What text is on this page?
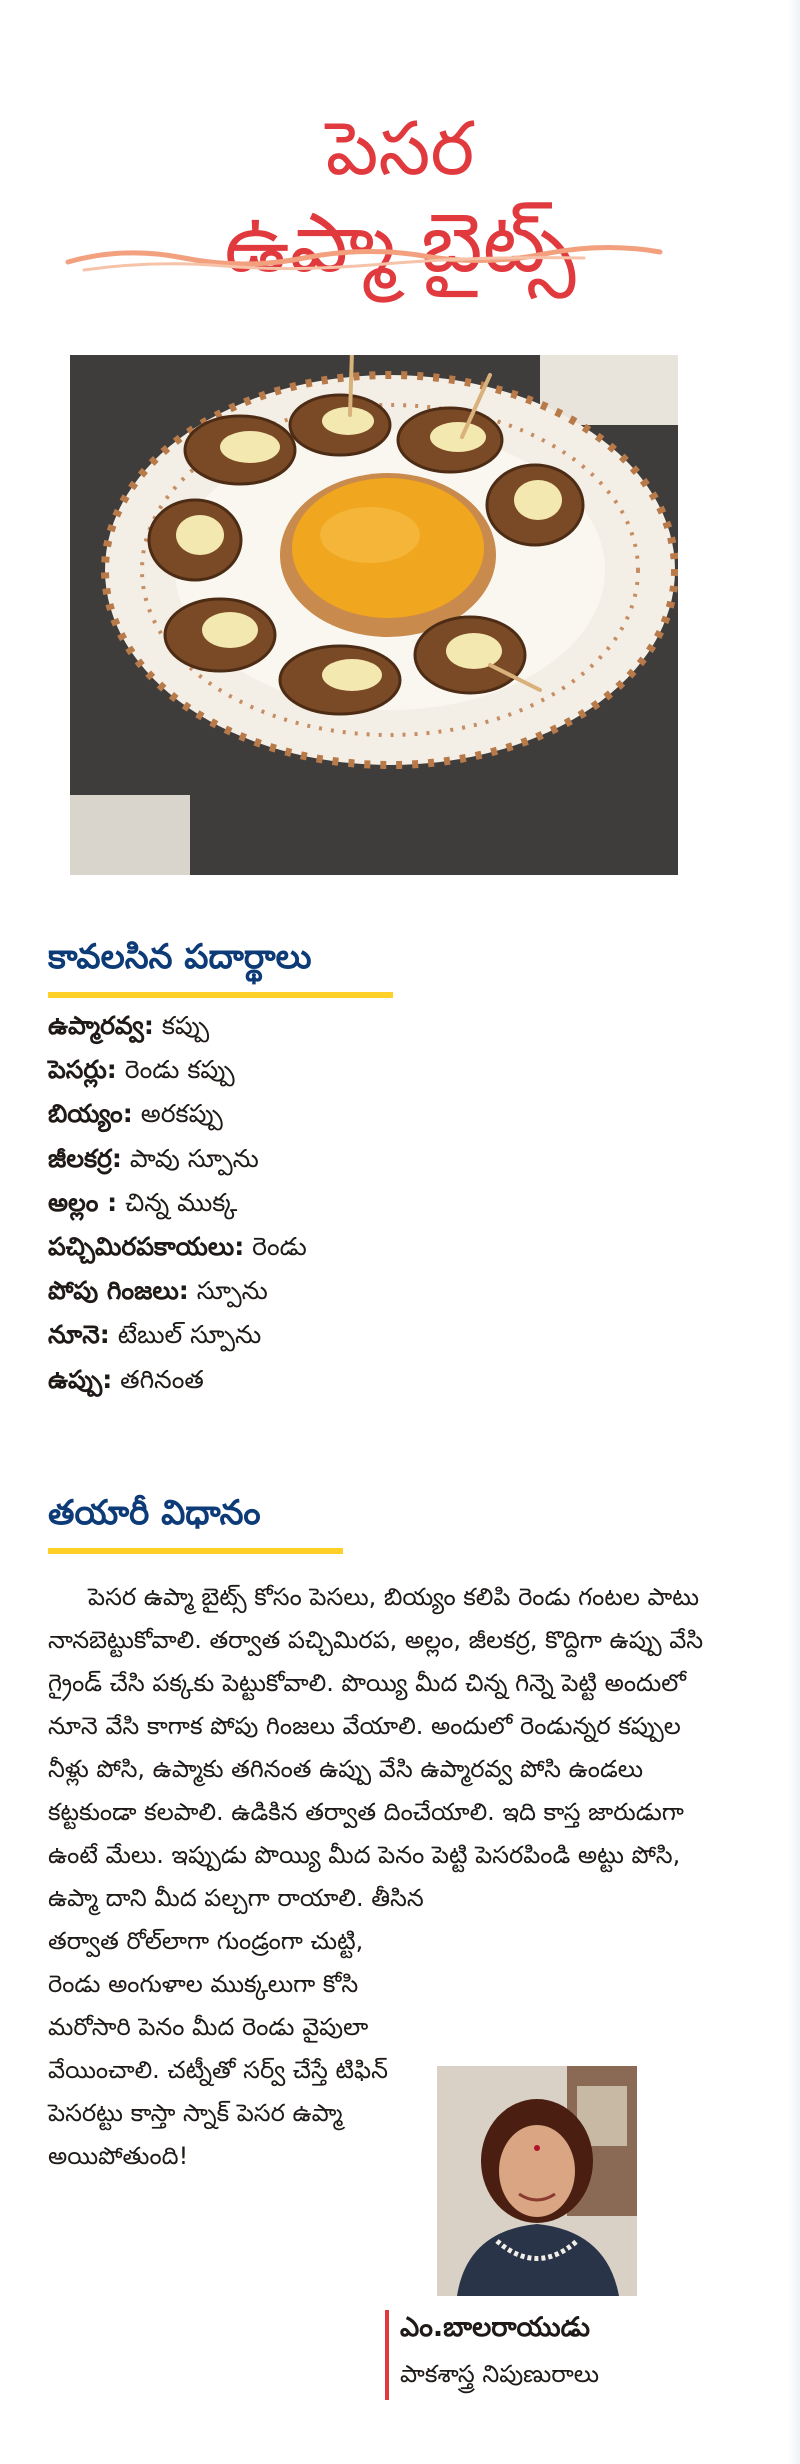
పెసర
ఉప్మా బైట్స్
కావలసిన పదార్థాలు
ఉప్మారవ్వ: కప్పు
పెసర్లు: రెండు కప్పు
బియ్యం: అరకప్పు
జీలకర్ర: పావు స్పూను
అల్లం : చిన్న ముక్క
పచ్చిమిరపకాయలు: రెండు
పోపు గింజలు: స్పూను
నూనె: టేబుల్ స్పూను
ఉప్పు: తగినంత
తయారీ విధానం

పెసర ఉప్మా బైట్స్ కోసం పెసలు, బియ్యం కలిపి రెండు గంటల పాటు నానబెట్టుకోవాలి. తర్వాత పచ్చిమిరప, అల్లం, జీలకర్ర, కొద్దిగా ఉప్పు వేసి గ్రైండ్ చేసి పక్కకు పెట్టుకోవాలి. పొయ్యి మీద చిన్న గిన్నె పెట్టి అందులో నూనె వేసి కాగాక పోపు గింజలు వేయాలి. అందులో రెండున్నర కప్పుల నీళ్లు పోసి, ఉప్మాకు తగినంత ఉప్పు వేసి ఉప్మారవ్వ పోసి ఉండలు కట్టకుండా కలపాలి. ఉడికిన తర్వాత దించేయాలి. ఇది కాస్త జారుడుగా ఉంటే మేలు. ఇప్పుడు పొయ్యి మీద పెనం పెట్టి పెసరపిండి అట్టు పోసి, ఉప్మా దాని మీద పల్చగా రాయాలి. తీసిన

తర్వాత రోల్‌లాగా గుండ్రంగా చుట్టి, రెండు అంగుళాల ముక్కలుగా కోసి మరోసారి పెనం మీద రెండు వైపులా వేయించాలి. చట్నీతో సర్వ్ చేస్తే టిఫిన్ పెసరట్టు కాస్తా స్నాక్ పెసర ఉప్మా అయిపోతుంది!

ఎం.బాలరాయుడు
పాకశాస్త్ర నిపుణురాలు
